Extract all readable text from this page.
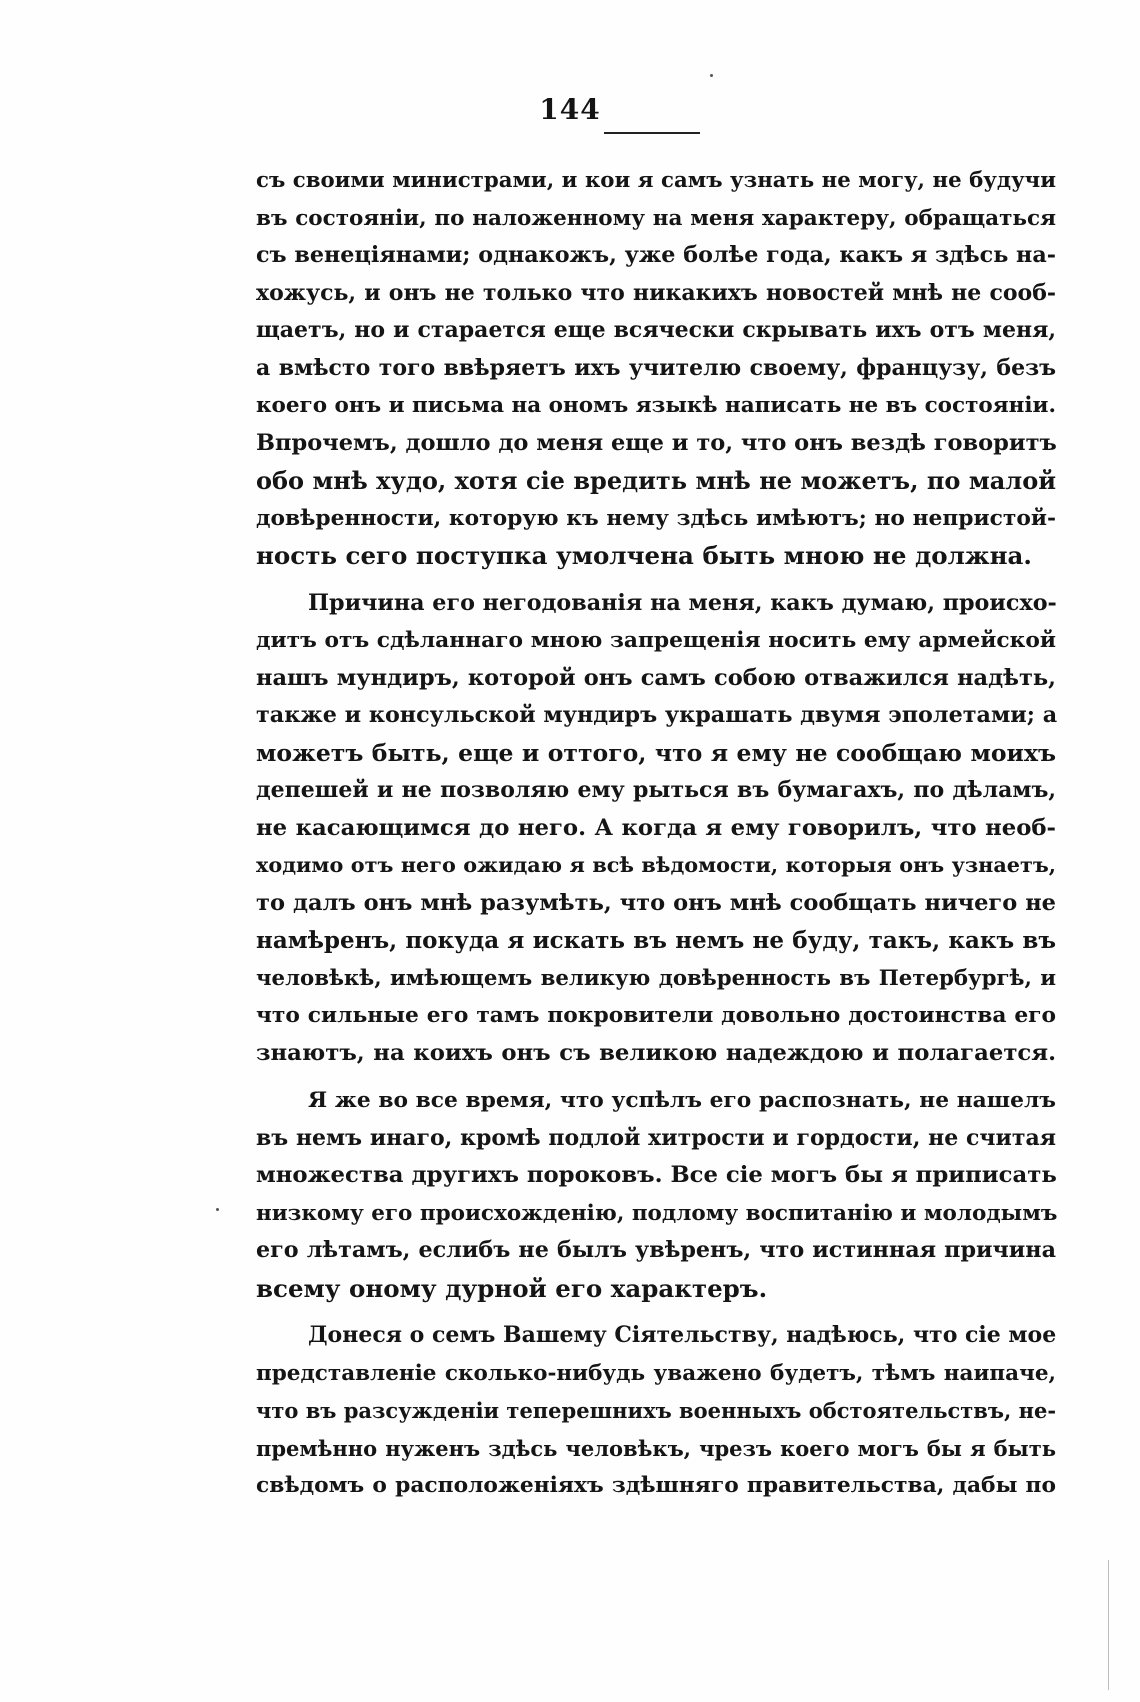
144
съ своими министрами, и кои я самъ узнать не могу, не будучи
въ состоянiи, по наложенному на меня характеру, обращаться
съ венецiянами; однакожъ, уже болѣе года, какъ я здѣсь на-
хожусь, и онъ не только что никакихъ новостей мнѣ не сооб-
щаетъ, но и старается еще всячески скрывать ихъ отъ меня,
а вмѣсто того ввѣряетъ ихъ учителю своему, французу, безъ
коего онъ и письма на ономъ языкѣ написать не въ состоянiи.
Впрочемъ, дошло до меня еще и то, что онъ вездѣ говоритъ
обо мнѣ худо, хотя сiе вредить мнѣ не можетъ, по малой
довѣренности, которую къ нему здѣсь имѣютъ; но непристой-
ность сего поступка умолчена быть мною не должна.
Причина его негодованiя на меня, какъ думаю, происхо-
дитъ отъ сдѣланнаго мною запрещенiя носить ему армейской
нашъ мундиръ, которой онъ самъ собою отважился надѣть,
также и консульской мундиръ украшать двумя эполетами; а
можетъ быть, еще и оттого, что я ему не сообщаю моихъ
депешей и не позволяю ему рыться въ бумагахъ, по дѣламъ,
не касающимся до него. А когда я ему говорилъ, что необ-
ходимо отъ него ожидаю я всѣ вѣдомости, которыя онъ узнаетъ,
то далъ онъ мнѣ разумѣть, что онъ мнѣ сообщать ничего не
намѣренъ, покуда я искать въ немъ не буду, такъ, какъ въ
человѣкѣ, имѣющемъ великую довѣренность въ Петербургѣ, и
что сильные его тамъ покровители довольно достоинства его
знаютъ, на коихъ онъ съ великою надеждою и полагается.
Я же во все время, что успѣлъ его распознать, не нашелъ
въ немъ инаго, кромѣ подлой хитрости и гордости, не считая
множества другихъ пороковъ. Все сiе могъ бы я приписать
низкому его происхожденiю, подлому воспитанiю и молодымъ
его лѣтамъ, еслибъ не былъ увѣренъ, что истинная причина
всему оному дурной его характеръ.
Донеся о семъ Вашему Сiятельству, надѣюсь, что сiе мое
представленiе сколько-нибудь уважено будетъ, тѣмъ наипаче,
что въ разсужденiи теперешнихъ военныхъ обстоятельствъ, не-
премѣнно нуженъ здѣсь человѣкъ, чрезъ коего могъ бы я быть
свѣдомъ о расположенiяхъ здѣшняго правительства, дабы по
